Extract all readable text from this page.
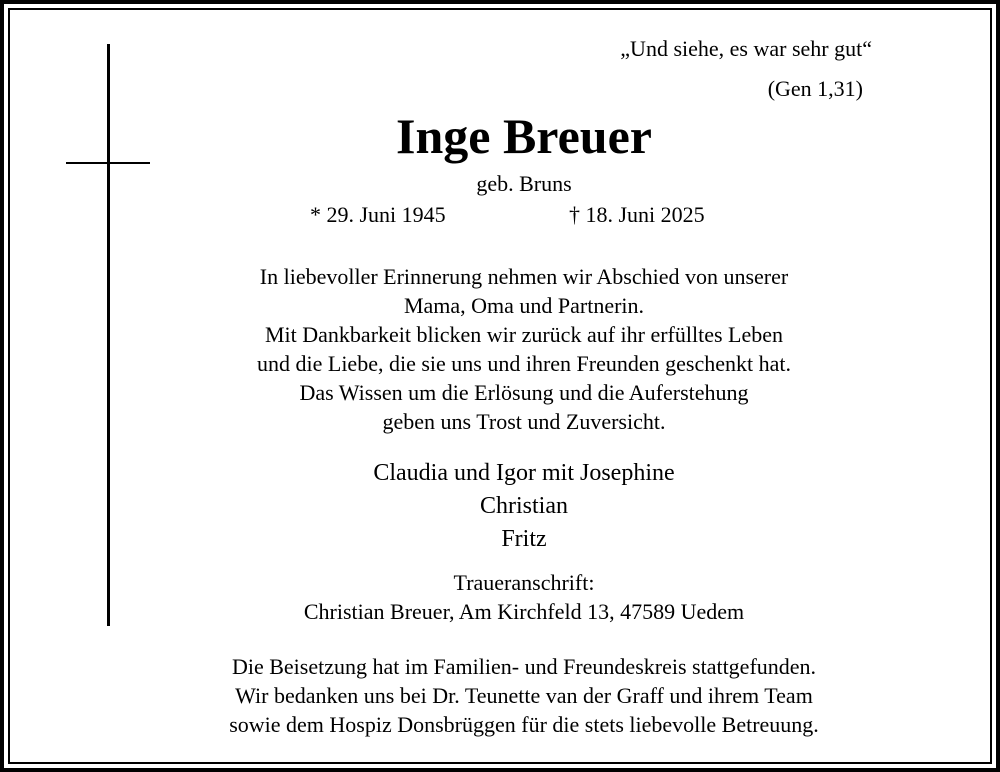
„Und siehe, es war sehr gut“
(Gen 1,31)
Inge Breuer
geb. Bruns
* 29. Juni 1945	† 18. Juni 2025
In liebevoller Erinnerung nehmen wir Abschied von unserer
Mama, Oma und Partnerin.
Mit Dankbarkeit blicken wir zurück auf ihr erfülltes Leben
und die Liebe, die sie uns und ihren Freunden geschenkt hat.
Das Wissen um die Erlösung und die Auferstehung
geben uns Trost und Zuversicht.
Claudia und Igor mit Josephine
Christian
Fritz
Traueranschrift:
Christian Breuer, Am Kirchfeld 13, 47589 Uedem
Die Beisetzung hat im Familien- und Freundeskreis stattgefunden.
Wir bedanken uns bei Dr. Teunette van der Graff und ihrem Team
sowie dem Hospiz Donsbrüggen für die stets liebevolle Betreuung.
